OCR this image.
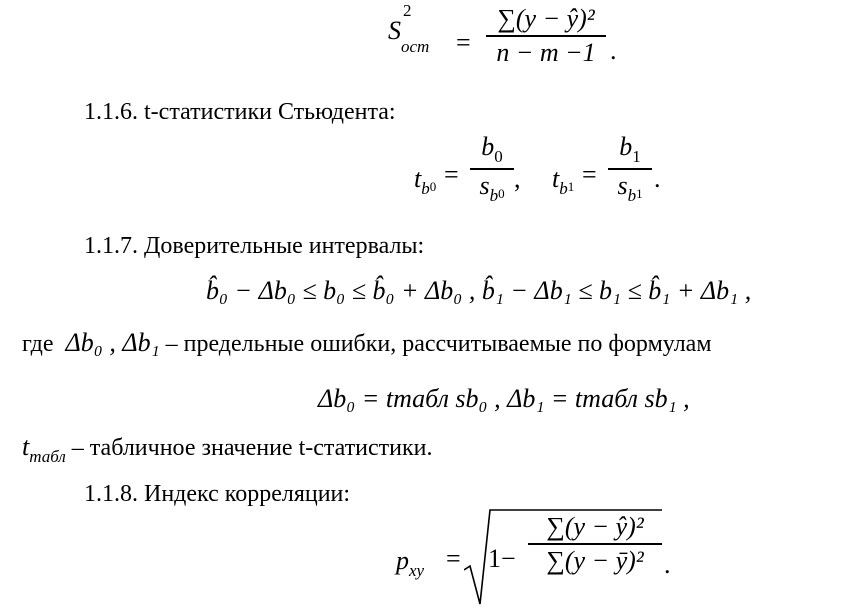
S
2
$_{ост}$ =
∑(y − ŷ)²
n − m −1 .
1.1.6. t-статистики Стьюдента:
$t_b0$ =
$b_0$
$s_b0$ , $t_b1$ =
$b_1$
$s_b1$ .
1.1.7. Доверительные интервалы:
b̂₀ − Δb₀ ≤ b₀ ≤ b̂₀ + Δb₀ , b̂₁ − Δb₁ ≤ b₁ ≤ b̂₁ + Δb₁ ,
где Δb₀ , Δb₁ – предельные ошибки, рассчитываемые по формулам
Δb₀ = tтабл sb₀ , Δb₁ = tтабл sb₁ ,
$t_{табл}$ – табличное значение t-статистики.
1.1.8. Индекс корреляции:
$p_{xy} = 1-$
∑(y − ŷ)²
∑(y − ȳ)² .
